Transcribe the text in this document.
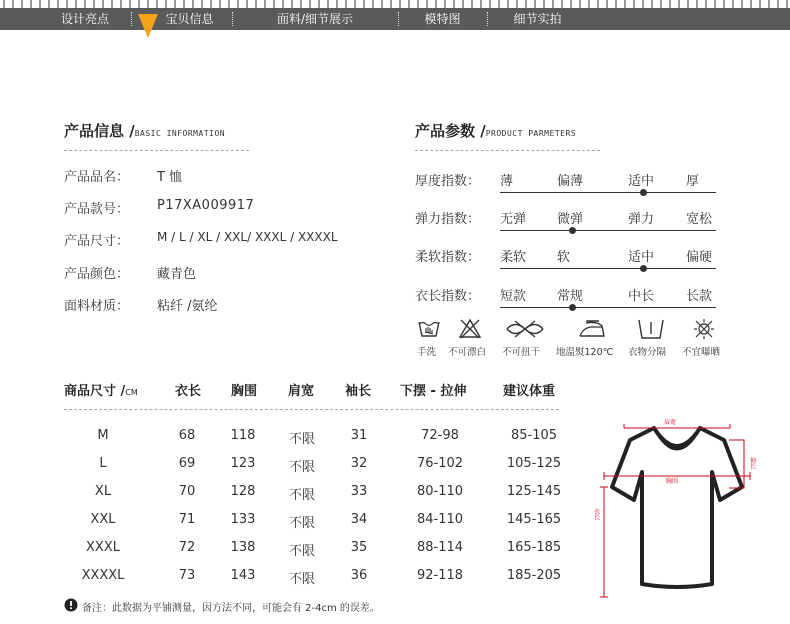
设计亮点	宝贝信息	面料/细节展示	模特图	细节实拍
产品信息 /BASIC INFORMATION
产品品名： T 恤
产品款号： P17XA009917
产品尺寸： M / L / XL / XXL/ XXXL / XXXXL
产品颜色： 藏青色
面料材质： 粘纤 /氨纶
产品参数 /PRODUCT PARMETERS
厚度指数： 薄	偏薄	适中 厚
弹力指数： 无弹 微弹	弹力 宽松
柔软指数： 柔软 软	适中 偏硬
衣长指数： 短款 常规	中长 长款
手洗 不可漂白 不可扭干 地温熨120℃ 衣物分隔 不宜曝晒
商品尺寸 /CM	衣长 胸围 肩宽 袖长 下摆 - 拉伸	建议体重
M	68	118	不限	31	72-98	85-105
L	69	123	不限	32	76-102	105-125
XL	70	128	不限	33	80-110	125-145
XXL	71	133	不限	34	84-110	145-165
XXXL	72	138	不限	35	88-114	165-185
XXXXL	73	143	不限	36	92-118	185-205
肩宽
胸围
衣长
袖长
备注：此数据为平铺测量，因方法不同，可能会有 2-4cm 的误差。
